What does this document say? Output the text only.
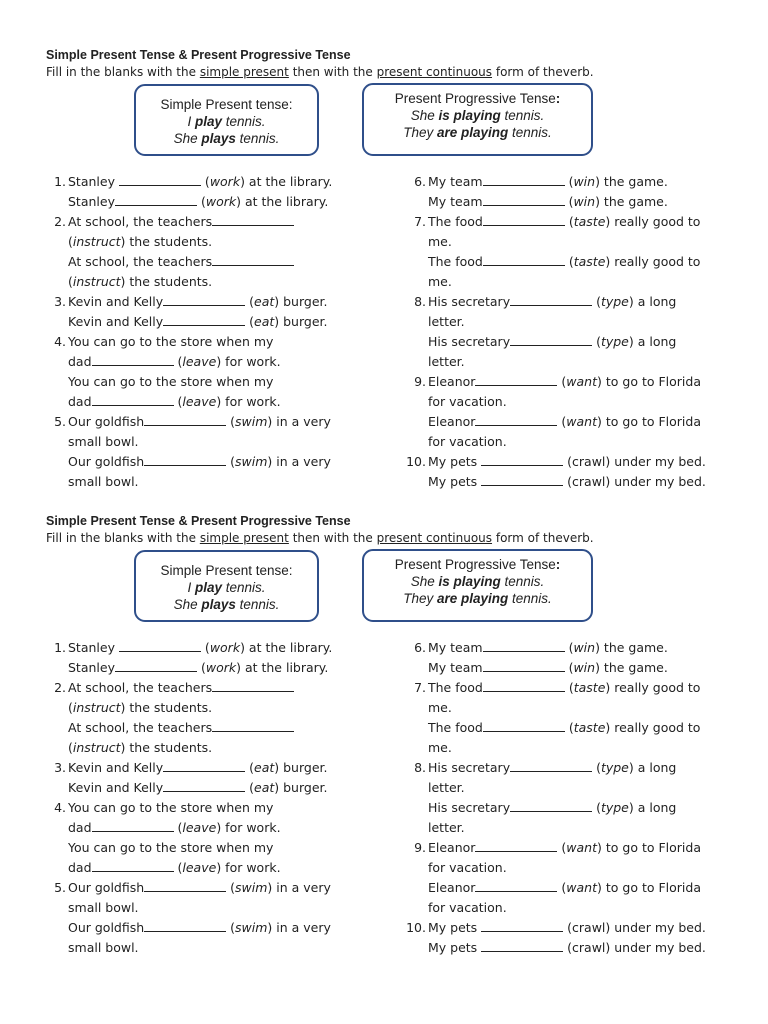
Simple Present Tense & Present Progressive Tense
Fill in the blanks with the simple present then with the present continuous form of theverb.
Simple Present tense:
I play tennis.
She plays tennis.
Present Progressive Tense:
She is playing tennis.
They are playing tennis.
1. Stanley	(work) at the library.
Stanley	(work) at the library.
2. At school, the teachers
(instruct) the students.
At school, the teachers
(instruct) the students.
3. Kevin and Kelly	(eat) burger.
Kevin and Kelly	(eat) burger.
4. You can go to the store when my
dad	(leave) for work.
You can go to the store when my
dad	(leave) for work.
5. Our goldfish	(swim) in a very
small bowl.
Our goldfish	(swim) in a very
small bowl.
6. My team	(win) the game.
My team	(win) the game.
7. The food	(taste) really good to
me.
The food	(taste) really good to
me.
8. His secretary	(type) a long
letter.
His secretary	(type) a long
letter.
9. Eleanor	(want) to go to Florida
for vacation.
Eleanor	(want) to go to Florida
for vacation.
10. My pets	(crawl) under my bed.
My pets	(crawl) under my bed.
Simple Present Tense & Present Progressive Tense
Fill in the blanks with the simple present then with the present continuous form of theverb.
Simple Present tense:
I play tennis.
She plays tennis.
Present Progressive Tense:
She is playing tennis.
They are playing tennis.
1. Stanley	(work) at the library.
Stanley	(work) at the library.
2. At school, the teachers
(instruct) the students.
At school, the teachers
(instruct) the students.
3. Kevin and Kelly	(eat) burger.
Kevin and Kelly	(eat) burger.
4. You can go to the store when my
dad	(leave) for work.
You can go to the store when my
dad	(leave) for work.
5. Our goldfish	(swim) in a very
small bowl.
Our goldfish	(swim) in a very
small bowl.
6. My team	(win) the game.
My team	(win) the game.
7. The food	(taste) really good to
me.
The food	(taste) really good to
me.
8. His secretary	(type) a long
letter.
His secretary	(type) a long
letter.
9. Eleanor	(want) to go to Florida
for vacation.
Eleanor	(want) to go to Florida
for vacation.
10. My pets	(crawl) under my bed.
My pets	(crawl) under my bed.
